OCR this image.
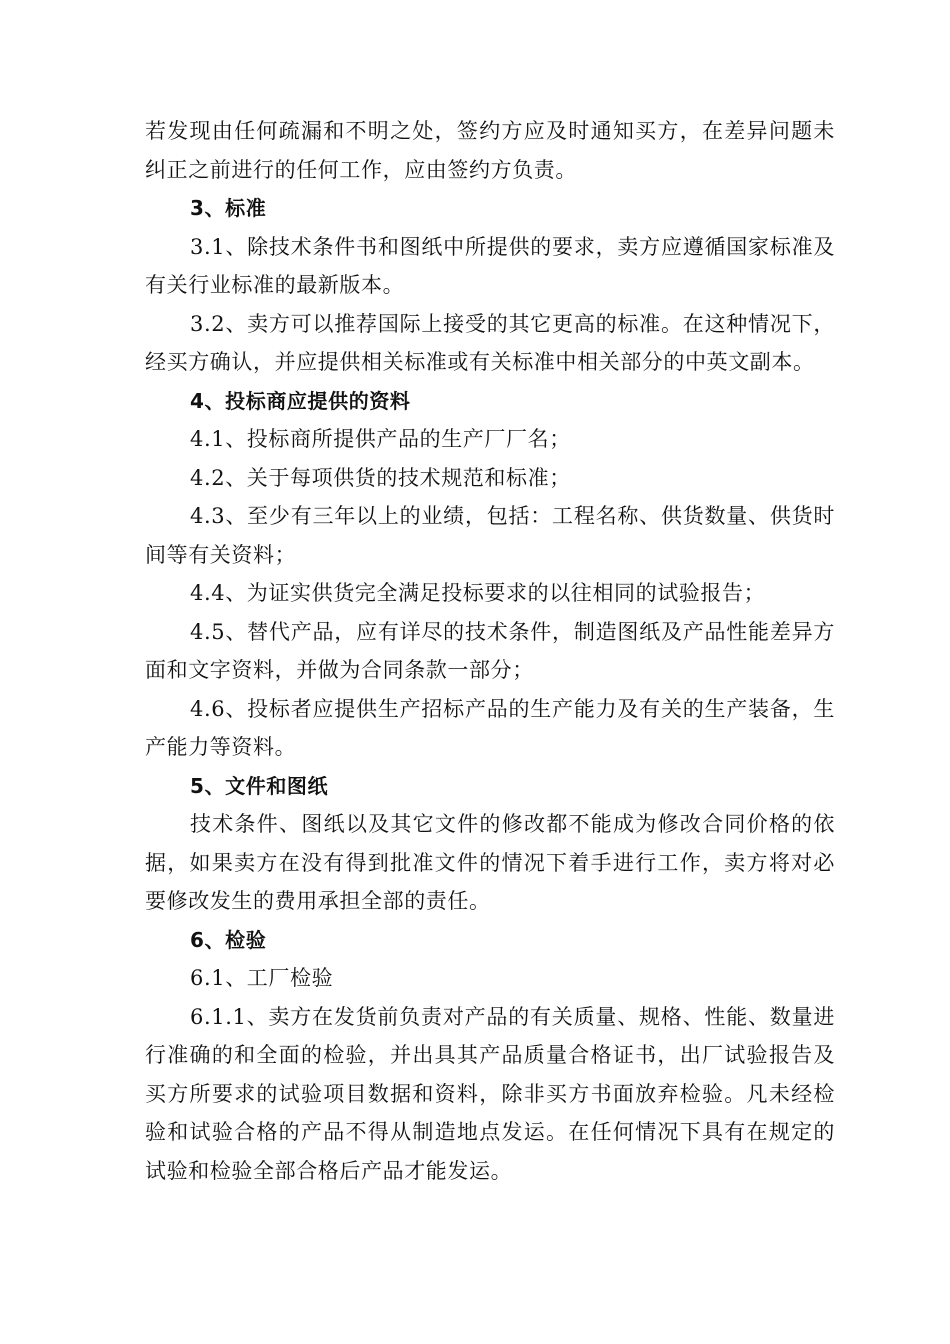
若发现由任何疏漏和不明之处，签约方应及时通知买方，在差异问题未纠正之前进行的任何工作，应由签约方负责。

3、标准

3.1、除技术条件书和图纸中所提供的要求，卖方应遵循国家标准及有关行业标准的最新版本。

3.2、卖方可以推荐国际上接受的其它更高的标准。在这种情况下，经买方确认，并应提供相关标准或有关标准中相关部分的中英文副本。

4、投标商应提供的资料

4.1、投标商所提供产品的生产厂厂名；

4.2、关于每项供货的技术规范和标准；

4.3、至少有三年以上的业绩，包括：工程名称、供货数量、供货时间等有关资料；

4.4、为证实供货完全满足投标要求的以往相同的试验报告；

4.5、替代产品，应有详尽的技术条件，制造图纸及产品性能差异方面和文字资料，并做为合同条款一部分；

4.6、投标者应提供生产招标产品的生产能力及有关的生产装备，生产能力等资料。

5、文件和图纸

技术条件、图纸以及其它文件的修改都不能成为修改合同价格的依据，如果卖方在没有得到批准文件的情况下着手进行工作，卖方将对必要修改发生的费用承担全部的责任。

6、检验

6.1、工厂检验

6.1.1、卖方在发货前负责对产品的有关质量、规格、性能、数量进行准确的和全面的检验，并出具其产品质量合格证书，出厂试验报告及买方所要求的试验项目数据和资料，除非买方书面放弃检验。凡未经检验和试验合格的产品不得从制造地点发运。在任何情况下具有在规定的试验和检验全部合格后产品才能发运。
